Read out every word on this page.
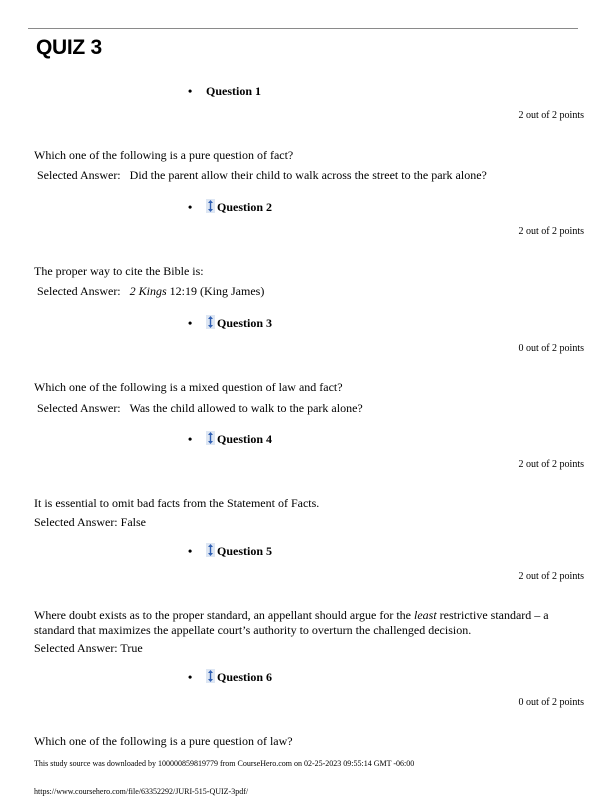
QUIZ 3
•	Question 1
2 out of 2 points
Which one of the following is a pure question of fact?
Selected Answer: Did the parent allow their child to walk across the street to the park alone?
•	Question 2
2 out of 2 points
The proper way to cite the Bible is:
Selected Answer: 2 Kings 12:19 (King James)
•	Question 3
0 out of 2 points
Which one of the following is a mixed question of law and fact?
Selected Answer: Was the child allowed to walk to the park alone?
•	Question 4
2 out of 2 points
It is essential to omit bad facts from the Statement of Facts.
Selected Answer: False
•	Question 5
2 out of 2 points
Where doubt exists as to the proper standard, an appellant should argue for the least restrictive standard – a standard that maximizes the appellate court’s authority to overturn the challenged decision.
Selected Answer: True
•	Question 6
0 out of 2 points
Which one of the following is a pure question of law?
This study source was downloaded by 100000859819779 from CourseHero.com on 02-25-2023 09:55:14 GMT -06:00
https://www.coursehero.com/file/63352292/JURI-515-QUIZ-3pdf/
